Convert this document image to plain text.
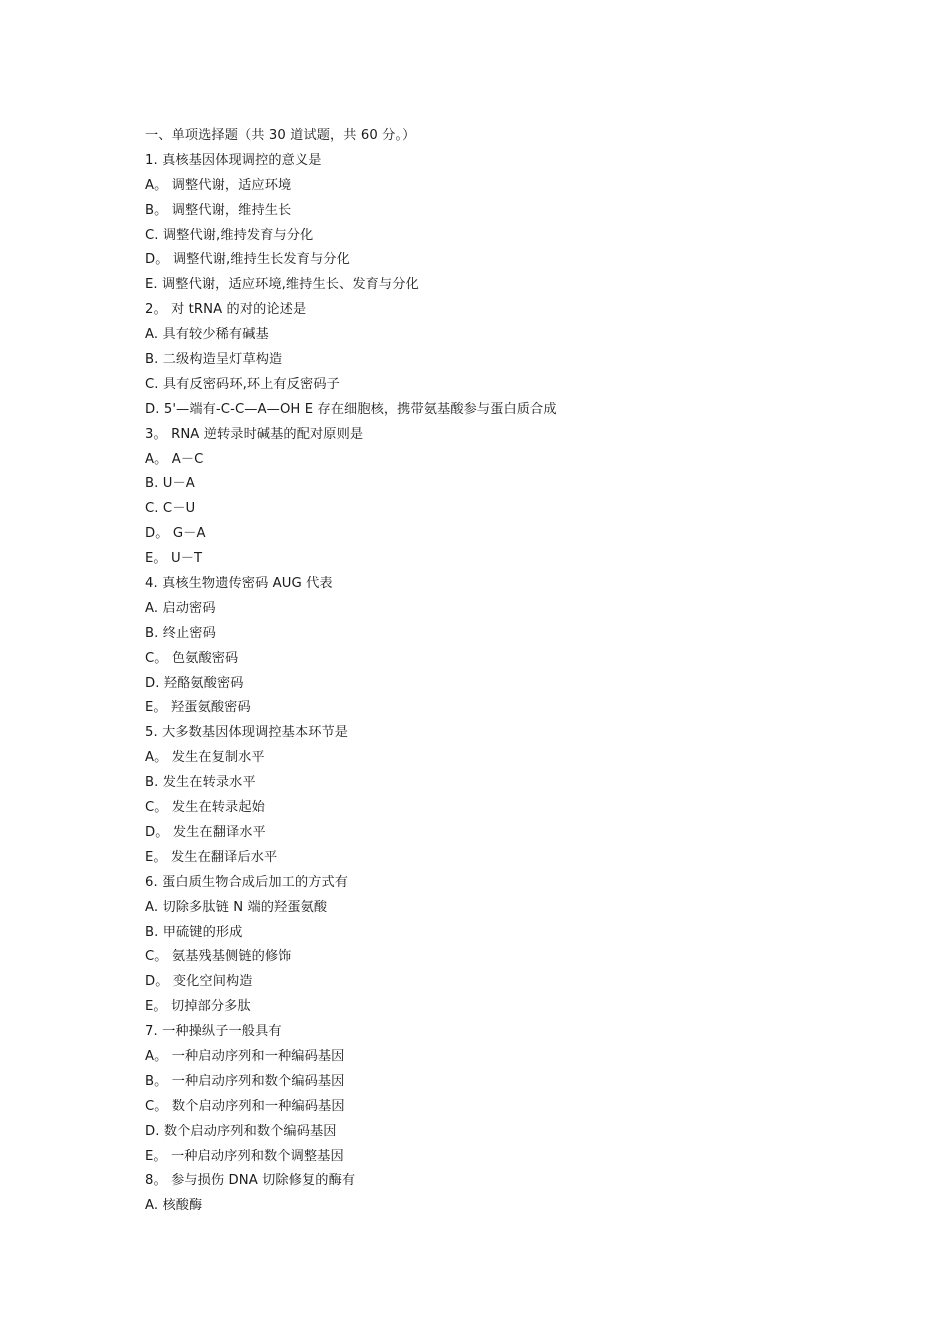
一、单项选择题（共 30 道试题，共 60 分。）
1. 真核基因体现调控的意义是
A。 调整代谢，适应环境
B。 调整代谢，维持生长
C. 调整代谢,维持发育与分化
D。 调整代谢,维持生长发育与分化
E. 调整代谢，适应环境,维持生长、发育与分化
2。 对 tRNA 的对的论述是
A. 具有较少稀有碱基
B. 二级构造呈灯草构造
C. 具有反密码环,环上有反密码子
D. 5'—端有-C-C—A—OH E 存在细胞核，携带氨基酸参与蛋白质合成
3。 RNA 逆转录时碱基的配对原则是
A。 A－C
B. U－A
C. C－U
D。 G－A
E。 U－T
4. 真核生物遗传密码 AUG 代表
A. 启动密码
B. 终止密码
C。 色氨酸密码
D. 羟酪氨酸密码
E。 羟蛋氨酸密码
5. 大多数基因体现调控基本环节是
A。 发生在复制水平
B. 发生在转录水平
C。 发生在转录起始
D。 发生在翻译水平
E。 发生在翻译后水平
6. 蛋白质生物合成后加工的方式有
A. 切除多肽链 N 端的羟蛋氨酸
B. 甲硫键的形成
C。 氨基残基侧链的修饰
D。 变化空间构造
E。 切掉部分多肽
7. 一种操纵子一般具有
A。 一种启动序列和一种编码基因
B。 一种启动序列和数个编码基因
C。 数个启动序列和一种编码基因
D. 数个启动序列和数个编码基因
E。 一种启动序列和数个调整基因
8。 参与损伤 DNA 切除修复的酶有
A. 核酸酶
